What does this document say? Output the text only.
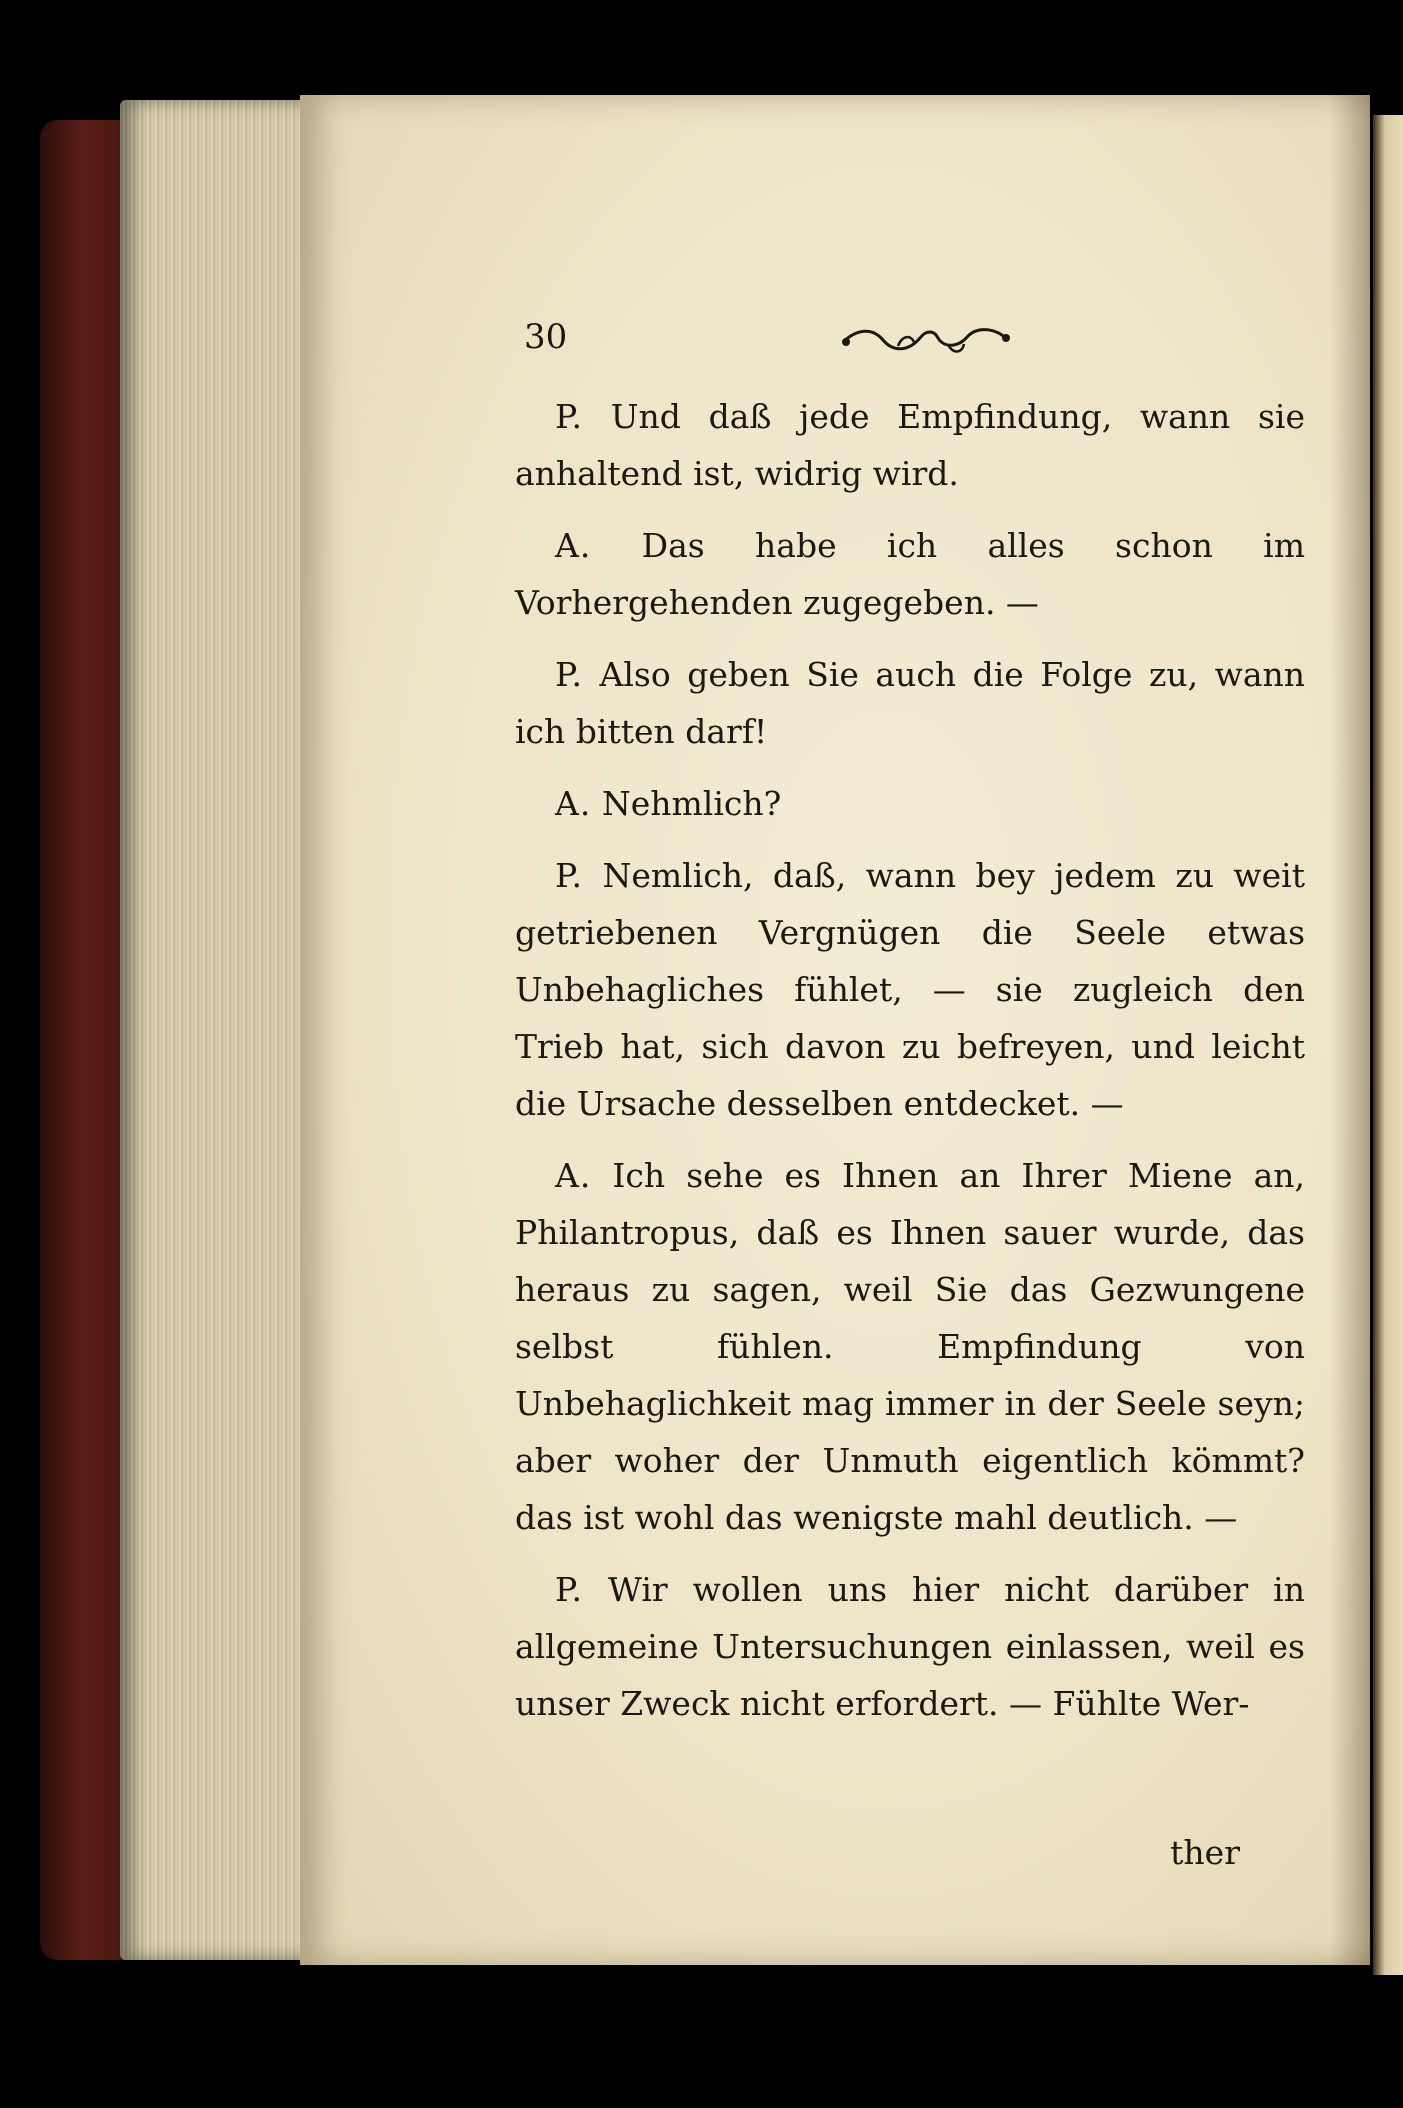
30

P. Und daß jede Empfindung, wann sie anhaltend ist, widrig wird.

A. Das habe ich alles schon im Vorhergehenden zugegeben. —

P. Also geben Sie auch die Folge zu, wann ich bitten darf!

A. Nehmlich?

P. Nemlich, daß, wann bey jedem zu weit getriebenen Vergnügen die Seele etwas Unbehagliches fühlet, — sie zugleich den Trieb hat, sich davon zu befreyen, und leicht die Ursache desselben entdecket. —

A. Ich sehe es Ihnen an Ihrer Miene an, Philantropus, daß es Ihnen sauer wurde, das heraus zu sagen, weil Sie das Gezwungene selbst fühlen. Empfindung von Unbehaglichkeit mag immer in der Seele seyn; aber woher der Unmuth eigentlich kömmt? das ist wohl das wenigste mahl deutlich. —

P. Wir wollen uns hier nicht darüber in allgemeine Untersuchungen einlassen, weil es unser Zweck nicht erfordert. — Fühlte Wer-

ther
